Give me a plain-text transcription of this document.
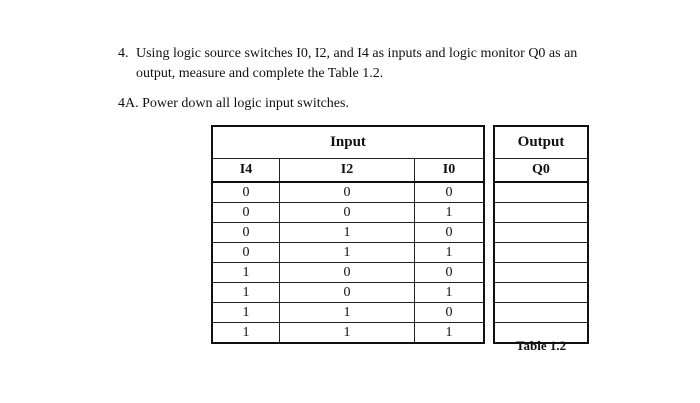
4. Using logic source switches I0, I2, and I4 as inputs and logic monitor Q0 as an
output, measure and complete the Table 1.2.
4A. Power down all logic input switches.
Input				Output
I4	I2	I0		Q0
0	0	0		
0	0	1		
0	1	0		
0	1	1		
1	0	0		
1	0	1		
1	1	0		
1	1	1		
Table 1.2
